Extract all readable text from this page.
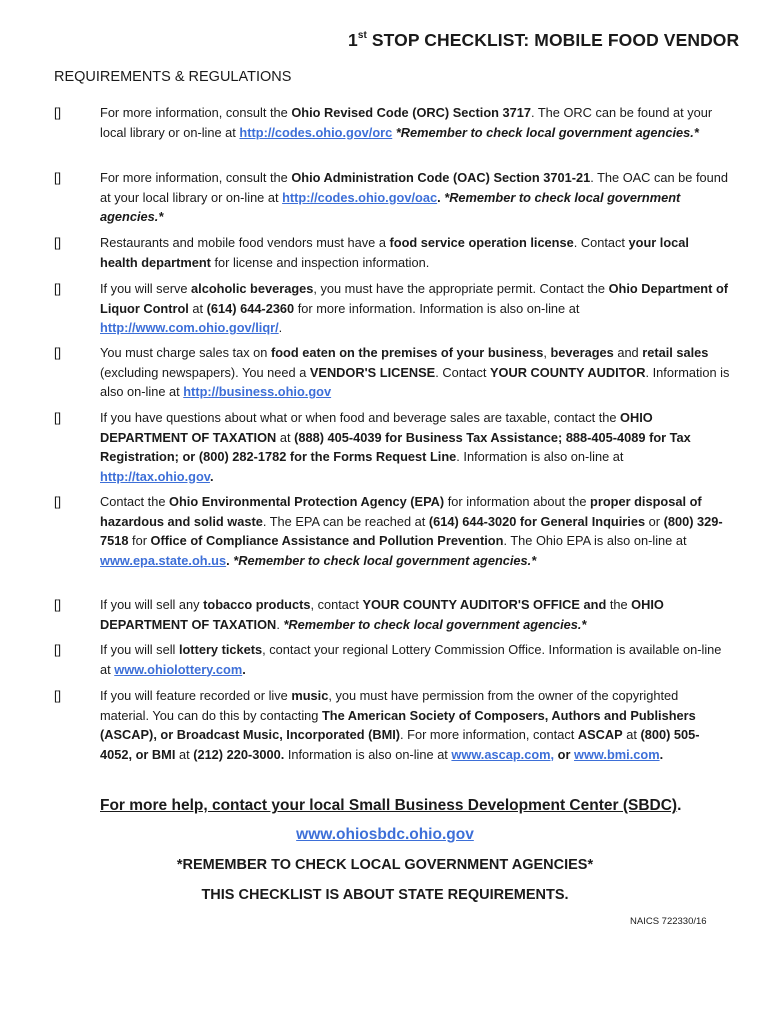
1st STOP CHECKLIST: MOBILE FOOD VENDOR
REQUIREMENTS & REGULATIONS
[]	For more information, consult the Ohio Revised Code (ORC) Section 3717. The ORC can be found at your local library or on-line at http://codes.ohio.gov/orc *Remember to check local government agencies.*
[]	For more information, consult the Ohio Administration Code (OAC) Section 3701-21. The OAC can be found at your local library or on-line at http://codes.ohio.gov/oac. *Remember to check local government agencies.*
[]	Restaurants and mobile food vendors must have a food service operation license. Contact your local health department for license and inspection information.
[]	If you will serve alcoholic beverages, you must have the appropriate permit. Contact the Ohio Department of Liquor Control at (614) 644-2360 for more information. Information is also on-line at http://www.com.ohio.gov/liqr/.
[]	You must charge sales tax on food eaten on the premises of your business, beverages and retail sales (excluding newspapers). You need a VENDOR'S LICENSE. Contact YOUR COUNTY AUDITOR. Information is also on-line at http://business.ohio.gov
[]	If you have questions about what or when food and beverage sales are taxable, contact the OHIO DEPARTMENT OF TAXATION at (888) 405-4039 for Business Tax Assistance; 888-405-4089 for Tax Registration; or (800) 282-1782 for the Forms Request Line. Information is also on-line at http://tax.ohio.gov.
[]	Contact the Ohio Environmental Protection Agency (EPA) for information about the proper disposal of hazardous and solid waste. The EPA can be reached at (614) 644-3020 for General Inquiries or (800) 329-7518 for Office of Compliance Assistance and Pollution Prevention. The Ohio EPA is also on-line at www.epa.state.oh.us. *Remember to check local government agencies.*
[]	If you will sell any tobacco products, contact YOUR COUNTY AUDITOR'S OFFICE and the OHIO DEPARTMENT OF TAXATION. *Remember to check local government agencies.*
[]	If you will sell lottery tickets, contact your regional Lottery Commission Office. Information is available on-line at www.ohiolottery.com.
[]	If you will feature recorded or live music, you must have permission from the owner of the copyrighted material. You can do this by contacting The American Society of Composers, Authors and Publishers (ASCAP), or Broadcast Music, Incorporated (BMI). For more information, contact ASCAP at (800) 505-4052, or BMI at (212) 220-3000. Information is also on-line at www.ascap.com, or www.bmi.com.
For more help, contact your local Small Business Development Center (SBDC).
www.ohiosbdc.ohio.gov
*REMEMBER TO CHECK LOCAL GOVERNMENT AGENCIES*
THIS CHECKLIST IS ABOUT STATE REQUIREMENTS.
NAICS 722330/16
